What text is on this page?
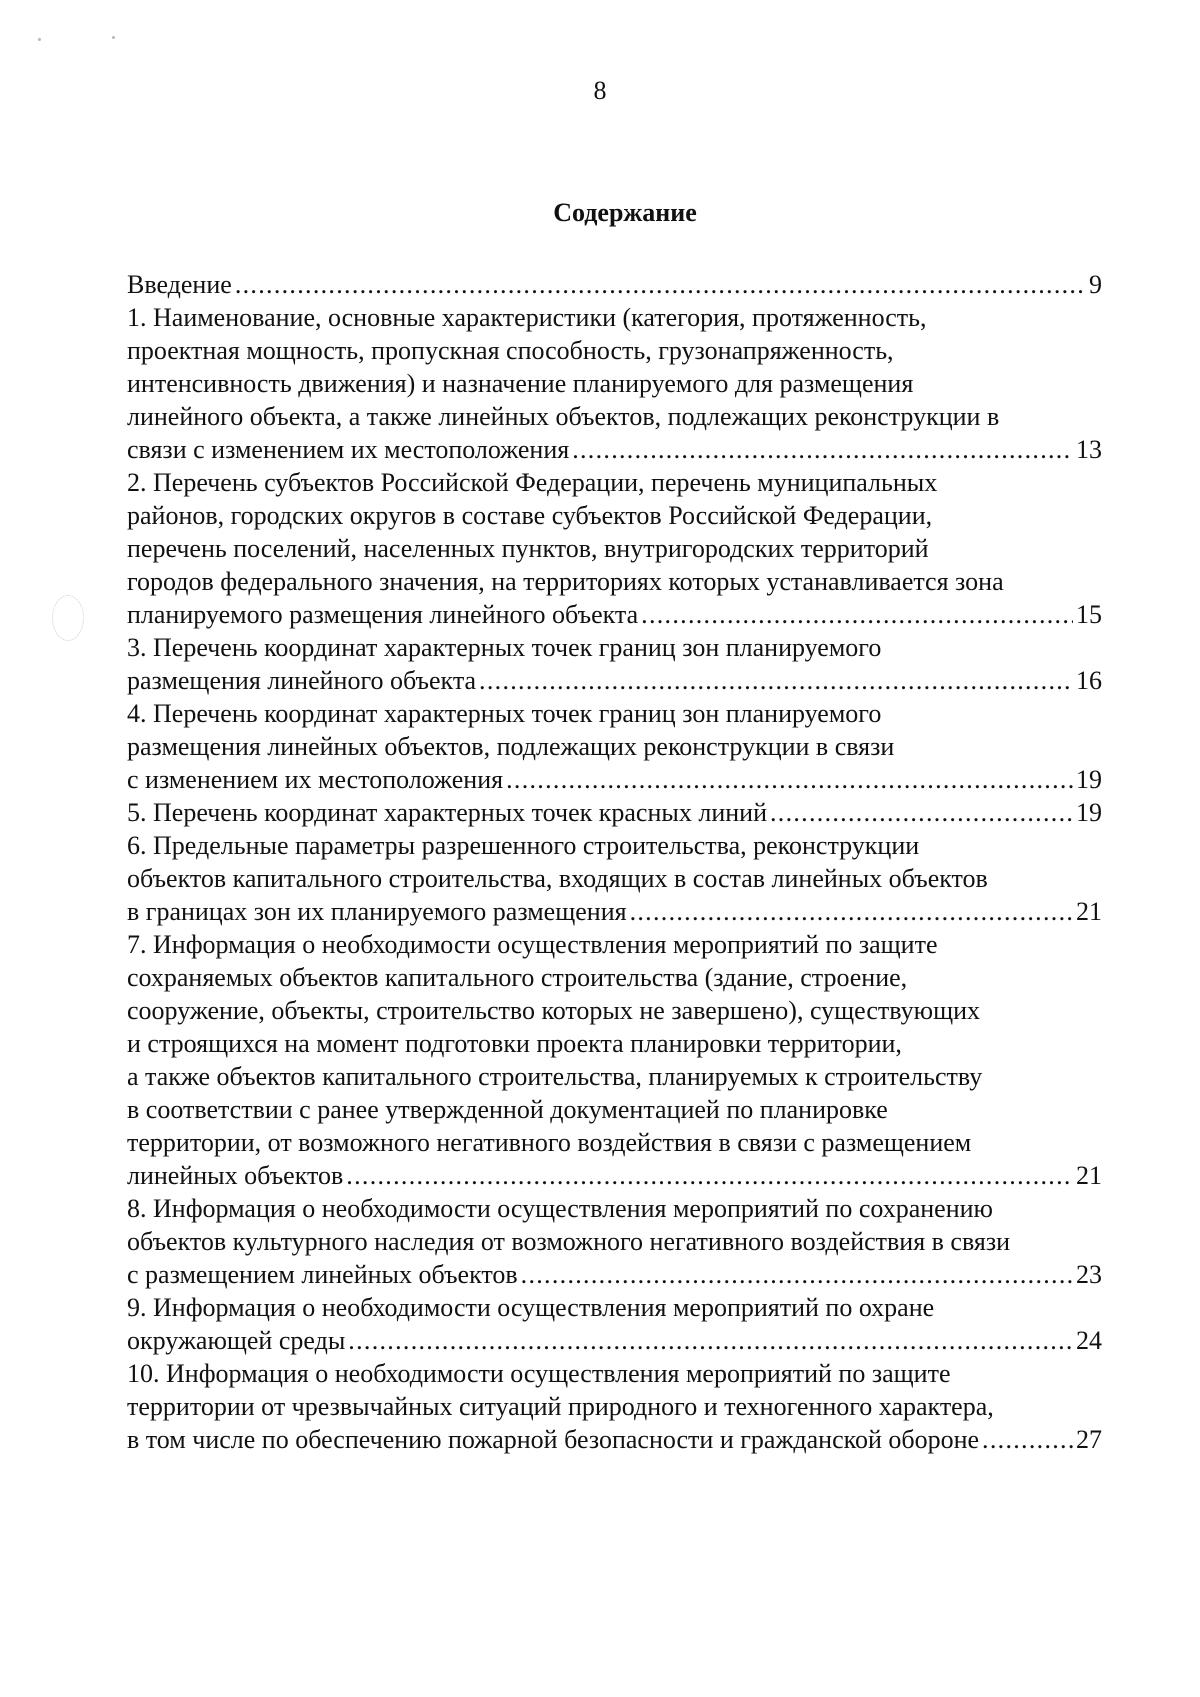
8
Содержание
Введение . . .	9
1. Наименование, основные характеристики (категория, протяженность,
проектная мощность, пропускная способность, грузонапряженность,
интенсивность движения) и назначение планируемого для размещения
линейного объекта, а также линейных объектов, подлежащих реконструкции в
связи с изменением их местоположения . . .	13
2. Перечень субъектов Российской Федерации, перечень муниципальных
районов, городских округов в составе субъектов Российской Федерации,
перечень поселений, населенных пунктов, внутригородских территорий
городов федерального значения, на территориях которых устанавливается зона
планируемого размещения линейного объекта . . .	15
3. Перечень координат характерных точек границ зон планируемого
размещения линейного объекта . . .	16
4. Перечень координат характерных точек границ зон планируемого
размещения линейных объектов, подлежащих реконструкции в связи
с изменением их местоположения . . .	19
5. Перечень координат характерных точек красных линий . . .	19
6. Предельные параметры разрешенного строительства, реконструкции
объектов капитального строительства, входящих в состав линейных объектов
в границах зон их планируемого размещения . . .	21
7. Информация о необходимости осуществления мероприятий по защите
сохраняемых объектов капитального строительства (здание, строение,
сооружение, объекты, строительство которых не завершено), существующих
и строящихся на момент подготовки проекта планировки территории,
а также объектов капитального строительства, планируемых к строительству
в соответствии с ранее утвержденной документацией по планировке
территории, от возможного негативного воздействия в связи с размещением
линейных объектов . . .	21
8. Информация о необходимости осуществления мероприятий по сохранению
объектов культурного наследия от возможного негативного воздействия в связи
с размещением линейных объектов . . .	23
9. Информация о необходимости осуществления мероприятий по охране
окружающей среды . . .	24
10. Информация о необходимости осуществления мероприятий по защите
территории от чрезвычайных ситуаций природного и техногенного характера,
в том числе по обеспечению пожарной безопасности и гражданской обороне . . .	27
